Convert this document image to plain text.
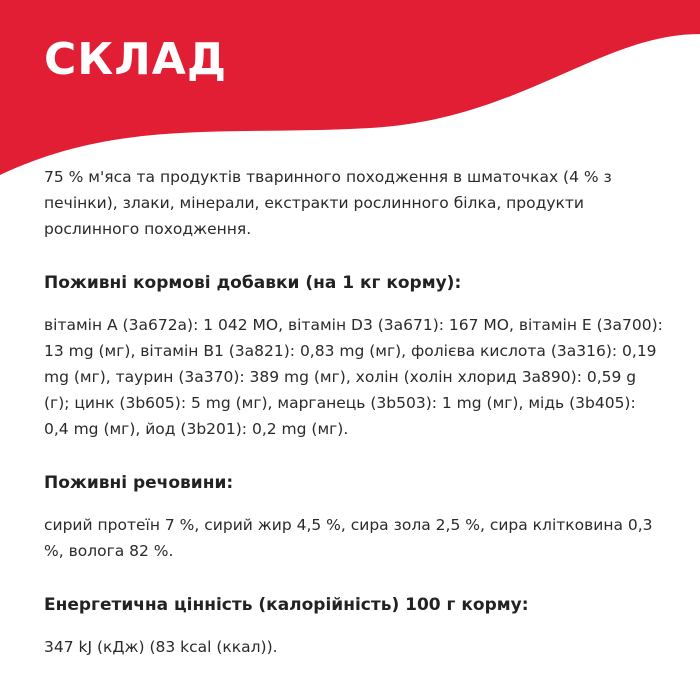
СКЛАД

75 % м'яса та продуктів тваринного походження в шматочках (4 % з печінки), злаки, мінерали, екстракти рослинного білка, продукти рослинного походження.

Поживні кормові добавки (на 1 кг корму):

вітамін A (3a672a): 1 042 МО, вітамін D3 (3a671): 167 МО, вітамін E (3a700): 13 mg (мг), вітамін B1 (3a821): 0,83 mg (мг), фолієва кислота (3a316): 0,19 mg (мг), таурин (3a370): 389 mg (мг), холін (холін хлорид 3a890): 0,59 g (г); цинк (3b605): 5 mg (мг), марганець (3b503): 1 mg (мг), мідь (3b405): 0,4 mg (мг), йод (3b201): 0,2 mg (мг).

Поживні речовини:

сирий протеїн 7 %, сирий жир 4,5 %, сира зола 2,5 %, сира клітковина 0,3 %, волога 82 %.

Енергетична цінність (калорійність) 100 г корму:

347 kJ (кДж) (83 kcal (ккал)).
